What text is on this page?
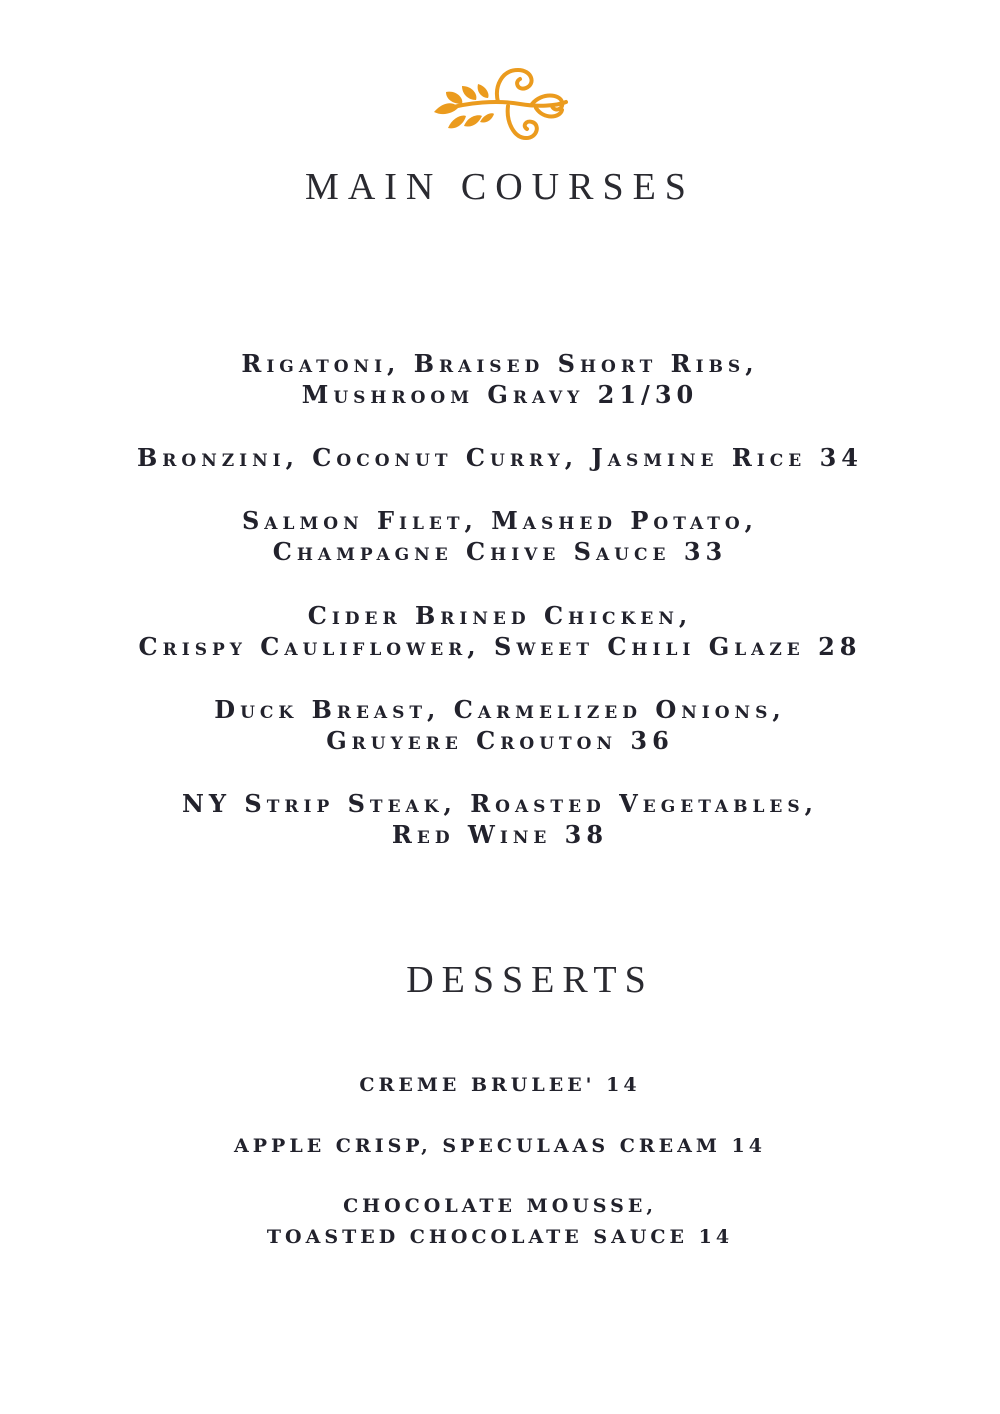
MAIN COURSES
Rigatoni, Braised Short Ribs,
Mushroom Gravy 21/30
Bronzini, Coconut Curry, Jasmine Rice 34
Salmon Filet, Mashed Potato,
Champagne Chive Sauce 33
Cider Brined Chicken,
Crispy Cauliflower, Sweet Chili Glaze 28
Duck Breast, Carmelized Onions,
Gruyere Crouton 36
NY Strip Steak, Roasted Vegetables,
Red Wine 38
DESSERTS
CREME BRULEE' 14
APPLE CRISP, SPECULAAS CREAM 14
CHOCOLATE MOUSSE,
TOASTED CHOCOLATE SAUCE 14
